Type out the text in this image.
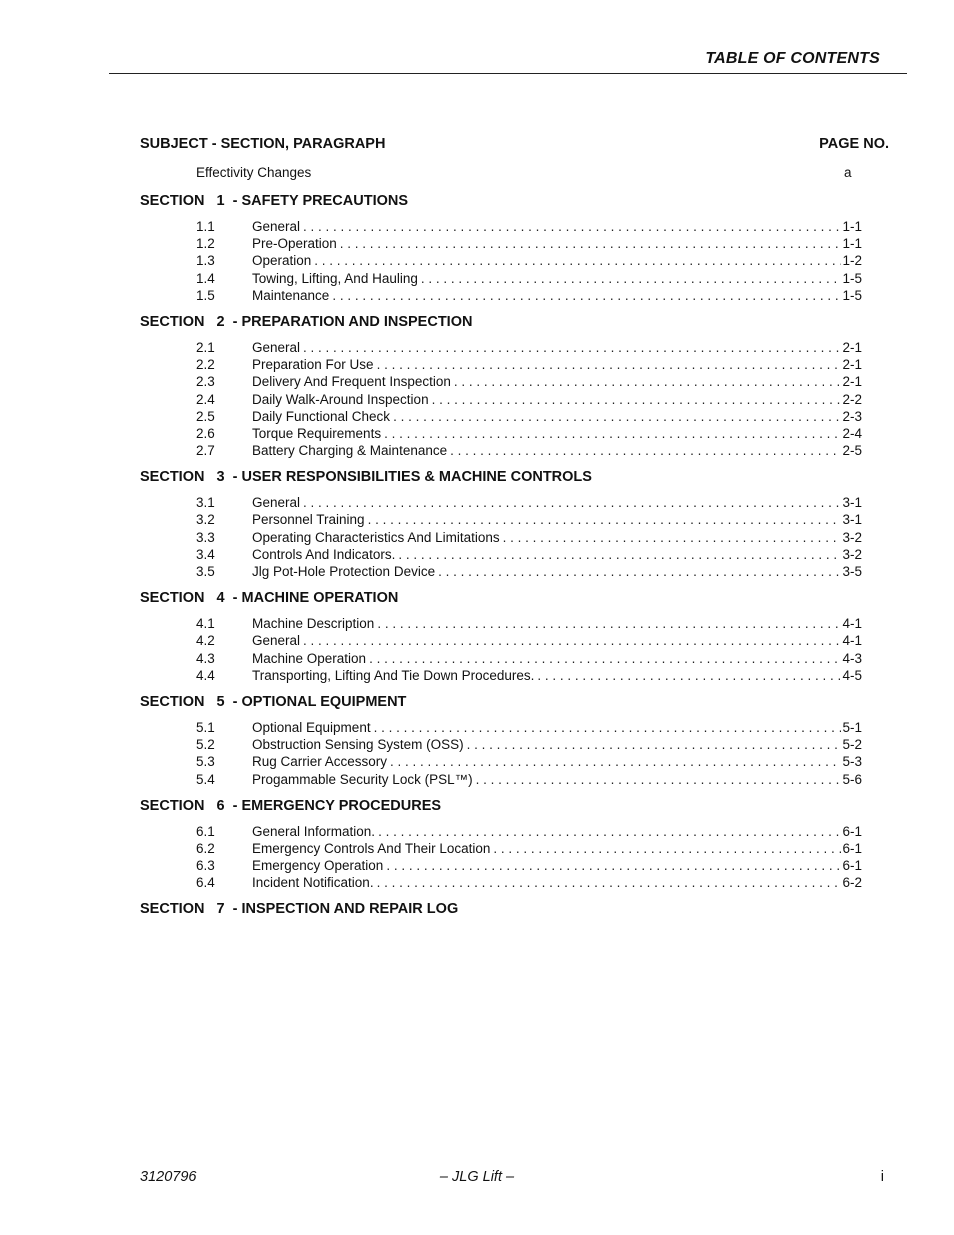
TABLE OF CONTENTS
SUBJECT - SECTION, PARAGRAPH	PAGE NO.
Effectivity Changes	a
SECTION   1  - SAFETY PRECAUTIONS
1.1	General . . .	1-1
1.2	Pre-Operation . . .	1-1
1.3	Operation . . .	1-2
1.4	Towing, Lifting, And Hauling . . .	1-5
1.5	Maintenance . . .	1-5
SECTION   2  - PREPARATION AND INSPECTION
2.1	General . . .	2-1
2.2	Preparation For Use . . .	2-1
2.3	Delivery And Frequent Inspection . . .	2-1
2.4	Daily Walk-Around Inspection . . .	2-2
2.5	Daily Functional Check . . .	2-3
2.6	Torque Requirements . . .	2-4
2.7	Battery Charging & Maintenance . . .	2-5
SECTION   3  - USER RESPONSIBILITIES & MACHINE CONTROLS
3.1	General . . .	3-1
3.2	Personnel Training . . .	3-1
3.3	Operating Characteristics And Limitations . . .	3-2
3.4	Controls And Indicators. . . .	3-2
3.5	Jlg Pot-Hole Protection Device . . .	3-5
SECTION   4  - MACHINE OPERATION
4.1	Machine Description . . .	4-1
4.2	General . . .	4-1
4.3	Machine Operation . . .	4-3
4.4	Transporting, Lifting And Tie Down Procedures. . . .	4-5
SECTION   5  - OPTIONAL EQUIPMENT
5.1	Optional Equipment . . .	5-1
5.2	Obstruction Sensing System (OSS) . . .	5-2
5.3	Rug Carrier Accessory . . .	5-3
5.4	Progammable Security Lock (PSL™) . . .	5-6
SECTION   6  - EMERGENCY PROCEDURES
6.1	General Information. . . .	6-1
6.2	Emergency Controls And Their Location . . .	6-1
6.3	Emergency Operation . . .	6-1
6.4	Incident Notification. . . .	6-2
SECTION   7  - INSPECTION AND REPAIR LOG
3120796	– JLG Lift –	i
